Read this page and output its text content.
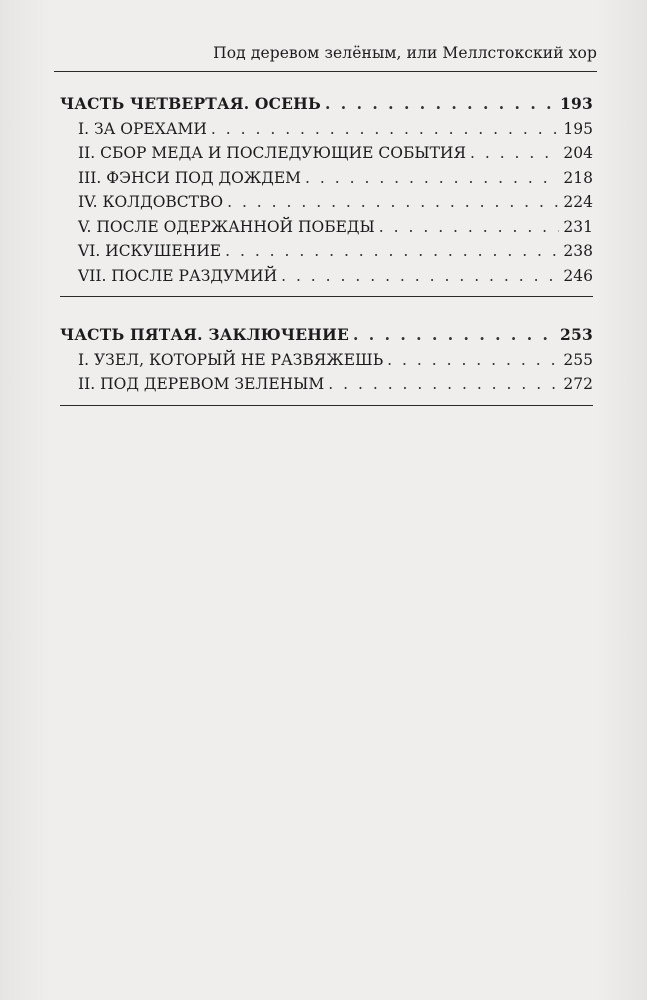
Под деревом зелёным, или Меллстокский хор
ЧАСТЬ ЧЕТВЕРТАЯ. ОСЕНЬ . . .	193
I. ЗА ОРЕХАМИ . . .	195
II. СБОР МЕДА И ПОСЛЕДУЮЩИЕ СОБЫТИЯ . . .	204
III. ФЭНСИ ПОД ДОЖДЕМ . . .	218
IV. КОЛДОВСТВО . . .	224
V. ПОСЛЕ ОДЕРЖАННОЙ ПОБЕДЫ . . .	231
VI. ИСКУШЕНИЕ . . .	238
VII. ПОСЛЕ РАЗДУМИЙ . . .	246
ЧАСТЬ ПЯТАЯ. ЗАКЛЮЧЕНИЕ . . .	253
I. УЗЕЛ, КОТОРЫЙ НЕ РАЗВЯЖЕШЬ . . .	255
II. ПОД ДЕРЕВОМ ЗЕЛЕНЫМ . . .	272
